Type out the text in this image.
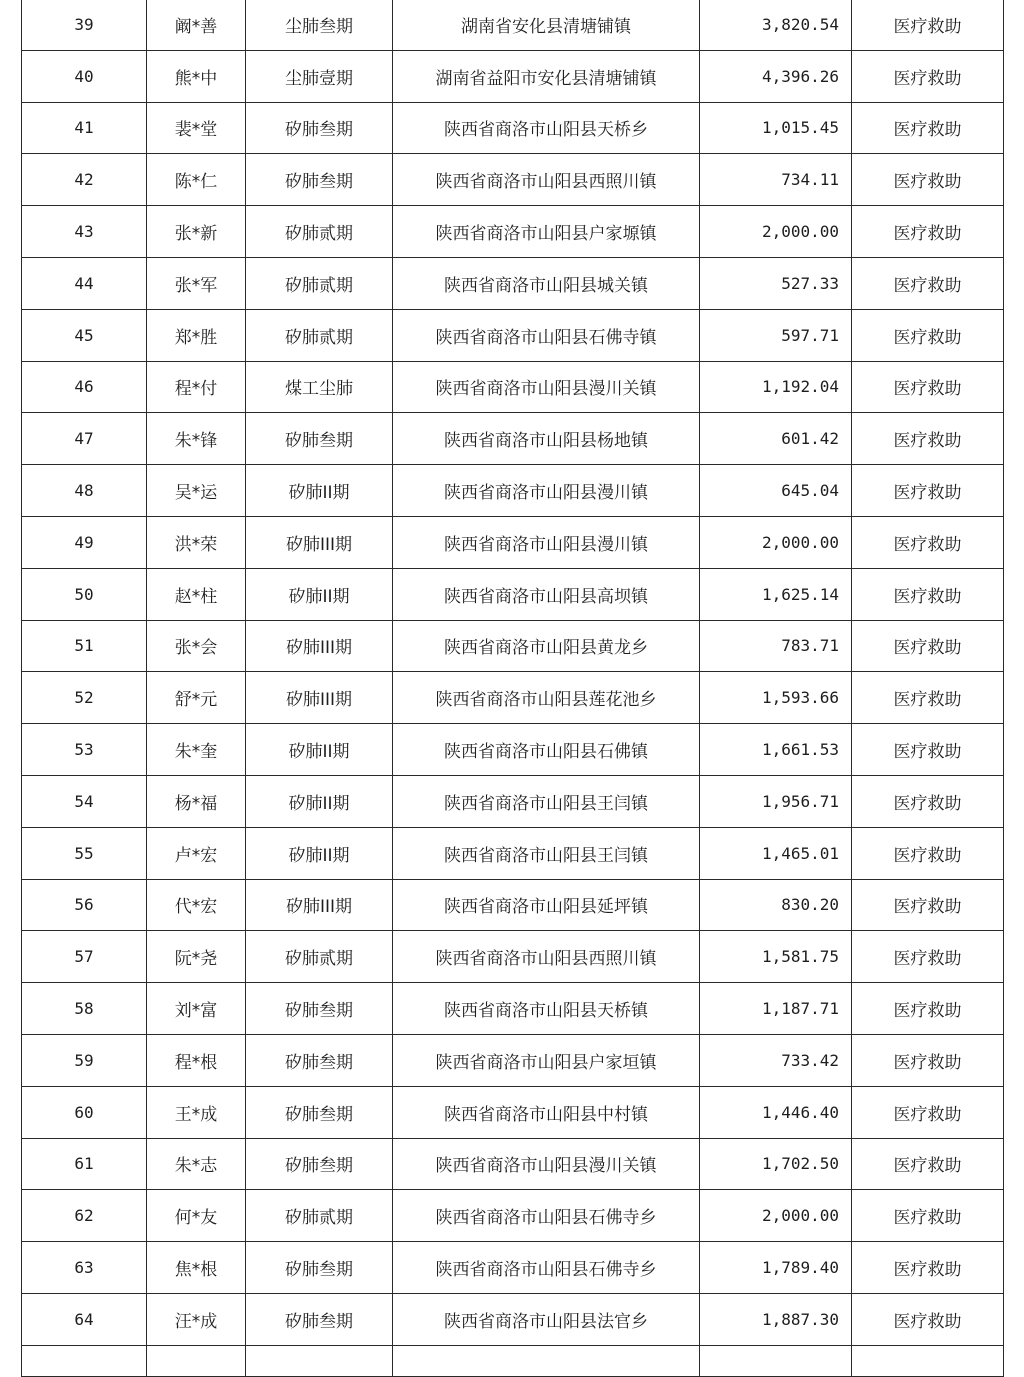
39	阚*善	尘肺叁期	湖南省安化县清塘铺镇	3,820.54	医疗救助
40	熊*中	尘肺壹期	湖南省益阳市安化县清塘铺镇	4,396.26	医疗救助
41	裴*堂	矽肺叁期	陕西省商洛市山阳县天桥乡	1,015.45	医疗救助
42	陈*仁	矽肺叁期	陕西省商洛市山阳县西照川镇	734.11	医疗救助
43	张*新	矽肺贰期	陕西省商洛市山阳县户家塬镇	2,000.00	医疗救助
44	张*军	矽肺贰期	陕西省商洛市山阳县城关镇	527.33	医疗救助
45	郑*胜	矽肺贰期	陕西省商洛市山阳县石佛寺镇	597.71	医疗救助
46	程*付	煤工尘肺	陕西省商洛市山阳县漫川关镇	1,192.04	医疗救助
47	朱*锋	矽肺叁期	陕西省商洛市山阳县杨地镇	601.42	医疗救助
48	吴*运	矽肺II期	陕西省商洛市山阳县漫川镇	645.04	医疗救助
49	洪*荣	矽肺III期	陕西省商洛市山阳县漫川镇	2,000.00	医疗救助
50	赵*柱	矽肺II期	陕西省商洛市山阳县高坝镇	1,625.14	医疗救助
51	张*会	矽肺III期	陕西省商洛市山阳县黄龙乡	783.71	医疗救助
52	舒*元	矽肺III期	陕西省商洛市山阳县莲花池乡	1,593.66	医疗救助
53	朱*奎	矽肺II期	陕西省商洛市山阳县石佛镇	1,661.53	医疗救助
54	杨*福	矽肺II期	陕西省商洛市山阳县王闫镇	1,956.71	医疗救助
55	卢*宏	矽肺II期	陕西省商洛市山阳县王闫镇	1,465.01	医疗救助
56	代*宏	矽肺III期	陕西省商洛市山阳县延坪镇	830.20	医疗救助
57	阮*尧	矽肺贰期	陕西省商洛市山阳县西照川镇	1,581.75	医疗救助
58	刘*富	矽肺叁期	陕西省商洛市山阳县天桥镇	1,187.71	医疗救助
59	程*根	矽肺叁期	陕西省商洛市山阳县户家垣镇	733.42	医疗救助
60	王*成	矽肺叁期	陕西省商洛市山阳县中村镇	1,446.40	医疗救助
61	朱*志	矽肺叁期	陕西省商洛市山阳县漫川关镇	1,702.50	医疗救助
62	何*友	矽肺贰期	陕西省商洛市山阳县石佛寺乡	2,000.00	医疗救助
63	焦*根	矽肺叁期	陕西省商洛市山阳县石佛寺乡	1,789.40	医疗救助
64	汪*成	矽肺叁期	陕西省商洛市山阳县法官乡	1,887.30	医疗救助
